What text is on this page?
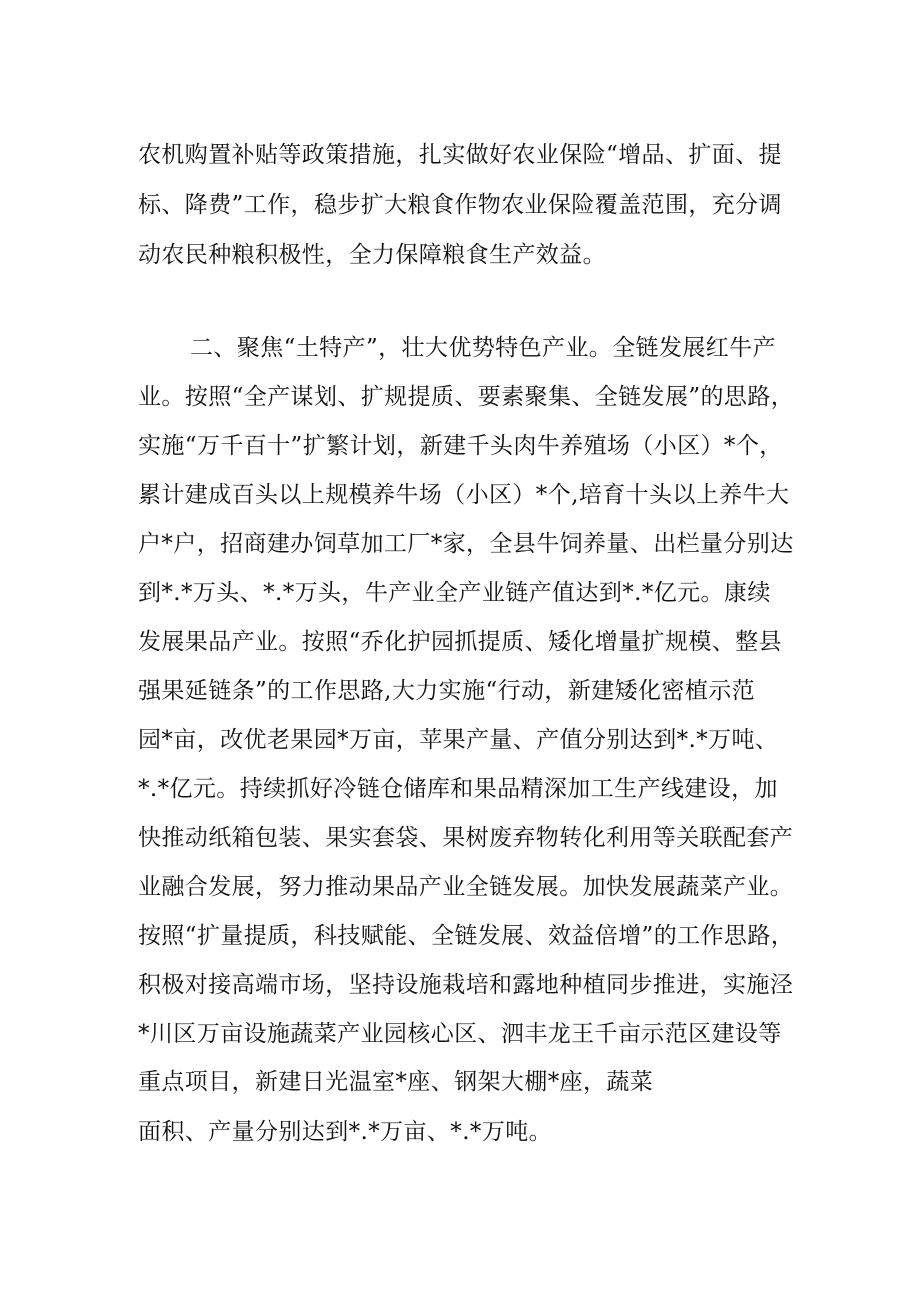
农机购置补贴等政策措施，扎实做好农业保险“增品、扩面、提
标、降费”工作，稳步扩大粮食作物农业保险覆盖范围，充分调
动农民种粮积极性，全力保障粮食生产效益。
二、聚焦“土特产”，壮大优势特色产业。全链发展红牛产
业。按照“全产谋划、扩规提质、要素聚集、全链发展”的思路，
实施“万千百十”扩繁计划，新建千头肉牛养殖场（小区）*个，
累计建成百头以上规模养牛场（小区）*个,培育十头以上养牛大
户*户，招商建办饲草加工厂*家，全县牛饲养量、出栏量分别达
到*.*万头、*.*万头，牛产业全产业链产值达到*.*亿元。康续
发展果品产业。按照“乔化护园抓提质、矮化增量扩规模、整县
强果延链条”的工作思路,大力实施“行动，新建矮化密植示范
园*亩，改优老果园*万亩，苹果产量、产值分别达到*.*万吨、
*.*亿元。持续抓好冷链仓储库和果品精深加工生产线建设，加
快推动纸箱包装、果实套袋、果树废弃物转化利用等关联配套产
业融合发展，努力推动果品产业全链发展。加快发展蔬菜产业。
按照“扩量提质，科技赋能、全链发展、效益倍增”的工作思路，
积极对接高端市场，坚持设施栽培和露地种植同步推进，实施泾
*川区万亩设施蔬菜产业园核心区、泗丰龙王千亩示范区建设等
重点项目，新建日光温室*座、钢架大棚*座，蔬菜
面积、产量分别达到*.*万亩、*.*万吨。
